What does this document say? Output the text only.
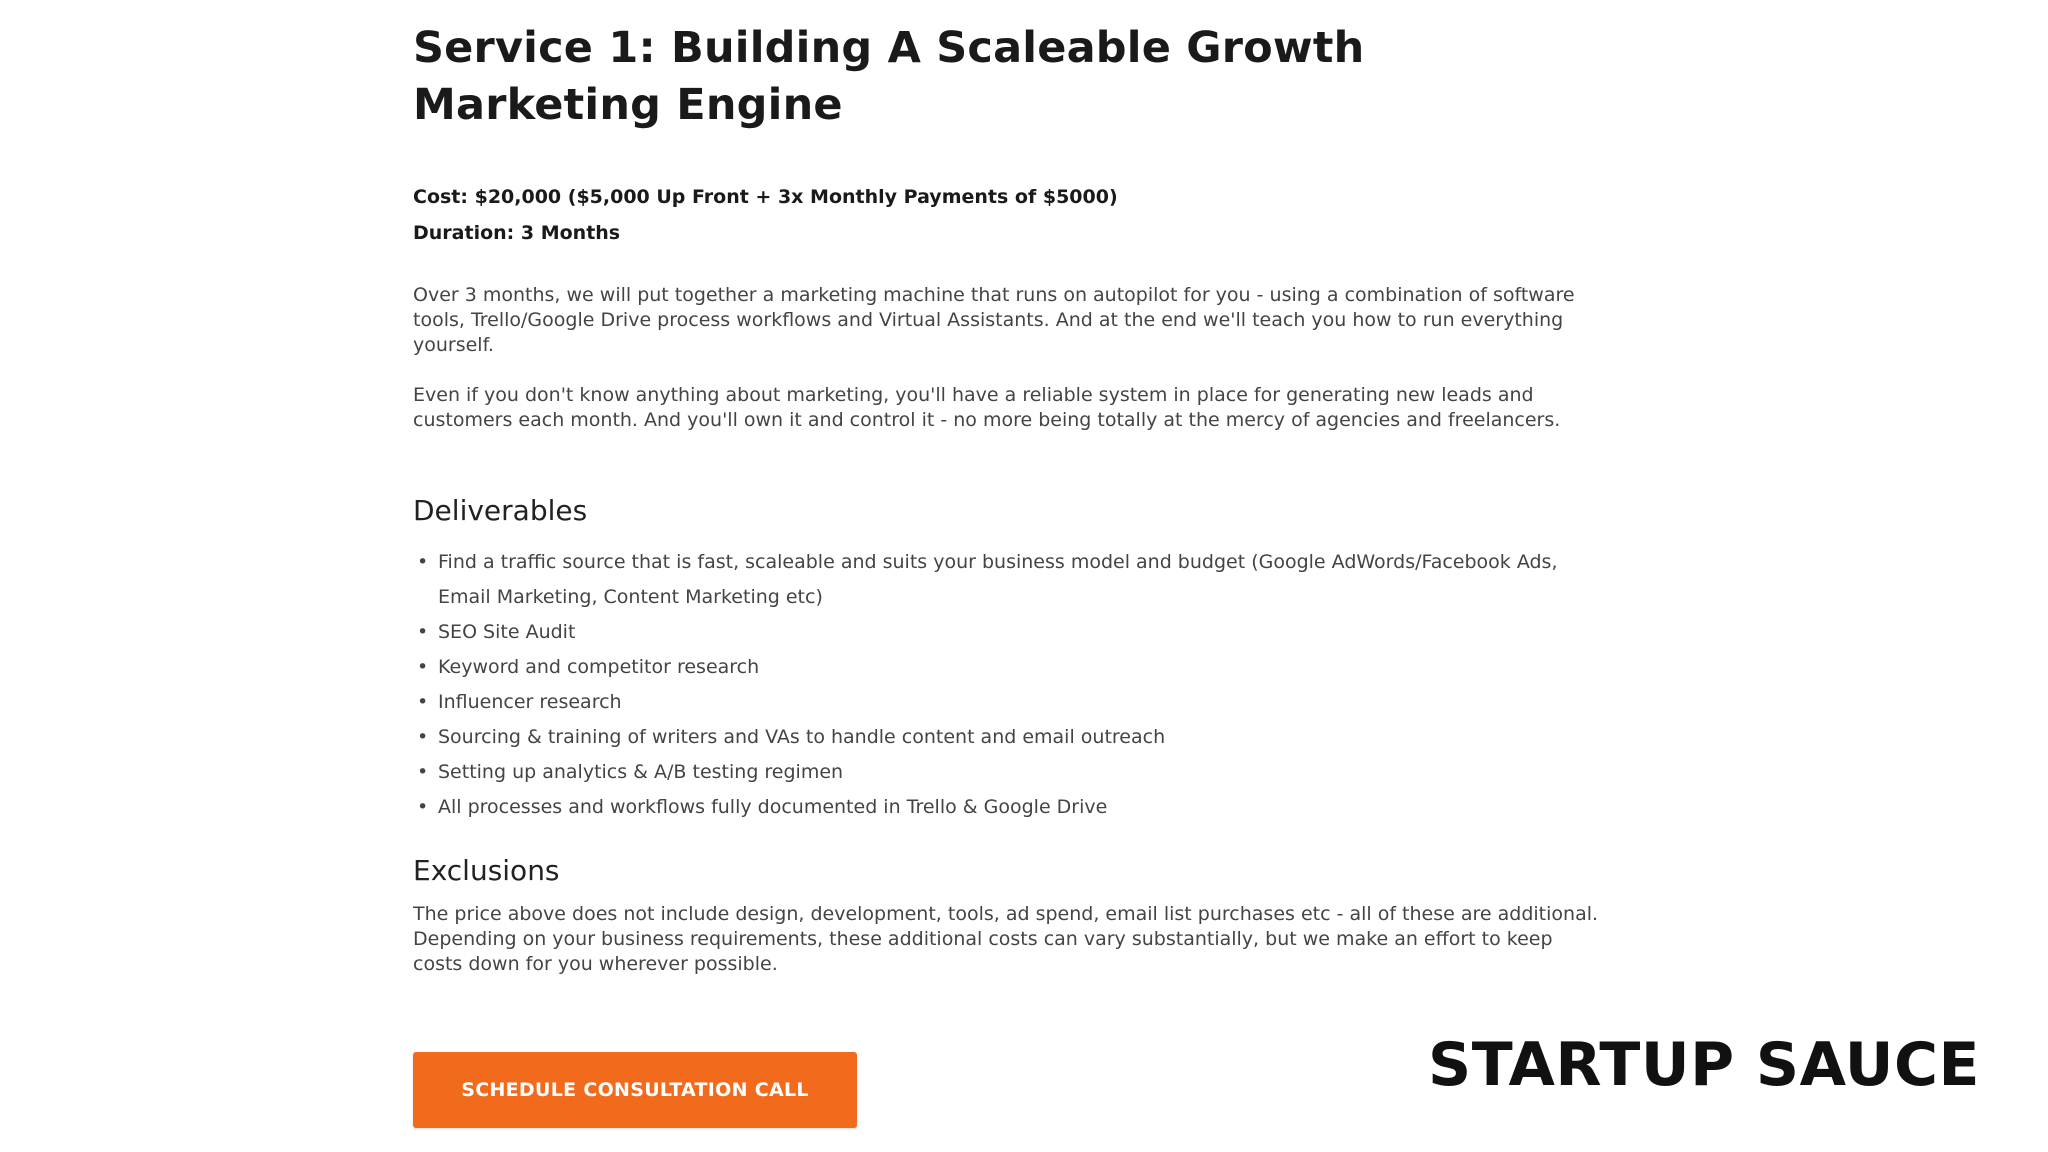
Service 1: Building A Scaleable Growth Marketing Engine
Cost: $20,000 ($5,000 Up Front + 3x Monthly Payments of $5000)
Duration: 3 Months

Over 3 months, we will put together a marketing machine that runs on autopilot for you - using a combination of software tools, Trello/Google Drive process workflows and Virtual Assistants. And at the end we'll teach you how to run everything yourself.

Even if you don't know anything about marketing, you'll have a reliable system in place for generating new leads and customers each month. And you'll own it and control it - no more being totally at the mercy of agencies and freelancers.

Deliverables
• Find a traffic source that is fast, scaleable and suits your business model and budget (Google AdWords/Facebook Ads, Email Marketing, Content Marketing etc)
• SEO Site Audit
• Keyword and competitor research
• Influencer research
• Sourcing & training of writers and VAs to handle content and email outreach
• Setting up analytics & A/B testing regimen
• All processes and workflows fully documented in Trello & Google Drive
Exclusions

The price above does not include design, development, tools, ad spend, email list purchases etc - all of these are additional. Depending on your business requirements, these additional costs can vary substantially, but we make an effort to keep costs down for you wherever possible.

SCHEDULE CONSULTATION CALL	STARTUP SAUCE
